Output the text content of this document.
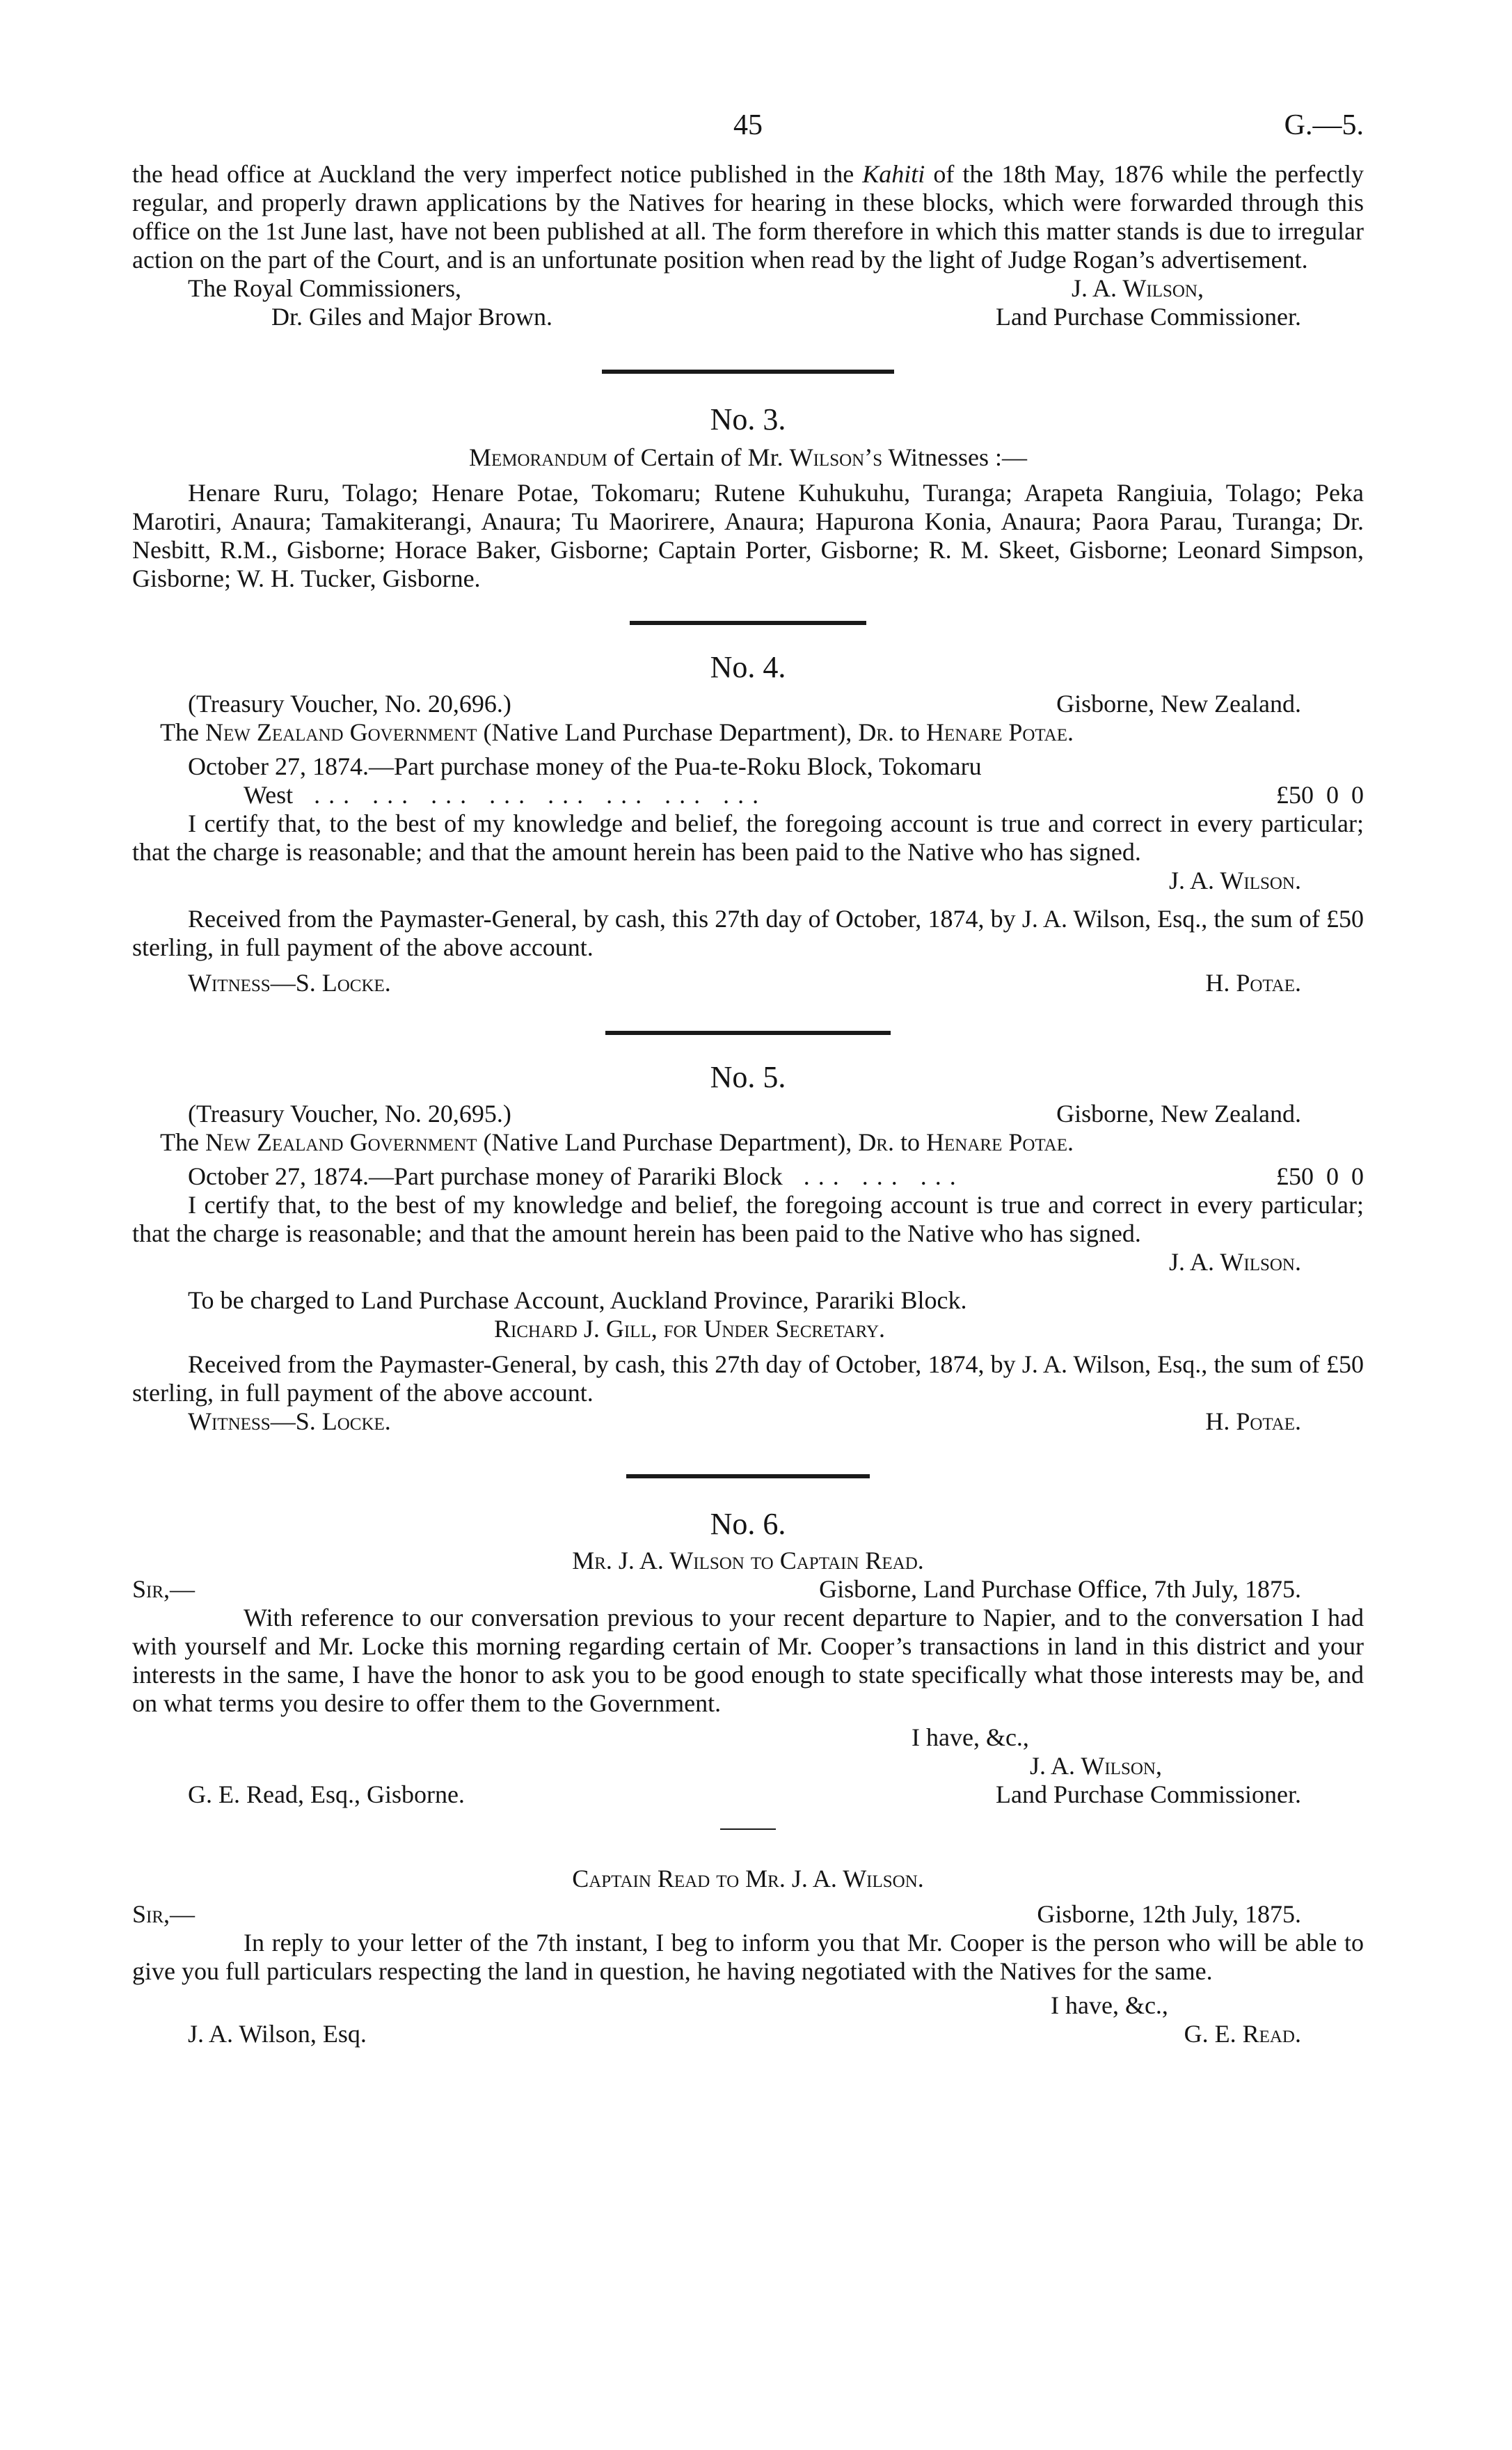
45	G.—5.

the head office at Auckland the very imperfect notice published in the Kahiti of the 18th May, 1876 while the perfectly regular, and properly drawn applications by the Natives for hearing in these blocks, which were forwarded through this office on the 1st June last, have not been published at all. The form therefore in which this matter stands is due to irregular action on the part of the Court, and is an unfortunate position when read by the light of Judge Rogan’s advertisement.

The Royal Commissioners,	J. A. Wilson,
Dr. Giles and Major Brown.	Land Purchase Commissioner.
No. 3.
Memorandum of Certain of Mr. Wilson’s Witnesses :—

Henare Ruru, Tolago; Henare Potae, Tokomaru; Rutene Kuhukuhu, Turanga; Arapeta Rangiuia, Tolago; Peka Marotiri, Anaura; Tamakiterangi, Anaura; Tu Maorirere, Anaura; Hapurona Konia, Anaura; Paora Parau, Turanga; Dr. Nesbitt, R.M., Gisborne; Horace Baker, Gisborne; Captain Porter, Gisborne; R. M. Skeet, Gisborne; Leonard Simpson, Gisborne; W. H. Tucker, Gisborne.

No. 4.
(Treasury Voucher, No. 20,696.)	Gisborne, New Zealand.
The New Zealand Government (Native Land Purchase Department), Dr. to Henare Potae.
October 27, 1874.—Part purchase money of the Pua-te-Roku Block, Tokomaru
West ... ... ... ... ... ... ... ...	£50  0  0

I certify that, to the best of my knowledge and belief, the foregoing account is true and correct in every particular; that the charge is reasonable; and that the amount herein has been paid to the Native who has signed.

J. A. Wilson.

Received from the Paymaster-General, by cash, this 27th day of October, 1874, by J. A. Wilson, Esq., the sum of £50 sterling, in full payment of the above account.

Witness—S. Locke.	H. Potae.
No. 5.
(Treasury Voucher, No. 20,695.)	Gisborne, New Zealand.
The New Zealand Government (Native Land Purchase Department), Dr. to Henare Potae.
October 27, 1874.—Part purchase money of Parariki Block ... ... ...	£50  0  0

I certify that, to the best of my knowledge and belief, the foregoing account is true and correct in every particular; that the charge is reasonable; and that the amount herein has been paid to the Native who has signed.

J. A. Wilson.
To be charged to Land Purchase Account, Auckland Province, Parariki Block.
Richard J. Gill, for Under Secretary.

Received from the Paymaster-General, by cash, this 27th day of October, 1874, by J. A. Wilson, Esq., the sum of £50 sterling, in full payment of the above account.

Witness—S. Locke.	H. Potae.
No. 6.
Mr. J. A. Wilson to Captain Read.
Sir,—	Gisborne, Land Purchase Office, 7th July, 1875.

With reference to our conversation previous to your recent departure to Napier, and to the conversation I had with yourself and Mr. Locke this morning regarding certain of Mr. Cooper’s transactions in land in this district and your interests in the same, I have the honor to ask you to be good enough to state specifically what those interests may be, and on what terms you desire to offer them to the Government.

I have, &c.,
J. A. Wilson,
G. E. Read, Esq., Gisborne.	Land Purchase Commissioner.
Captain Read to Mr. J. A. Wilson.
Sir,—	Gisborne, 12th July, 1875.

In reply to your letter of the 7th instant, I beg to inform you that Mr. Cooper is the person who will be able to give you full particulars respecting the land in question, he having negotiated with the Natives for the same.

I have, &c.,
J. A. Wilson, Esq.	G. E. Read.
